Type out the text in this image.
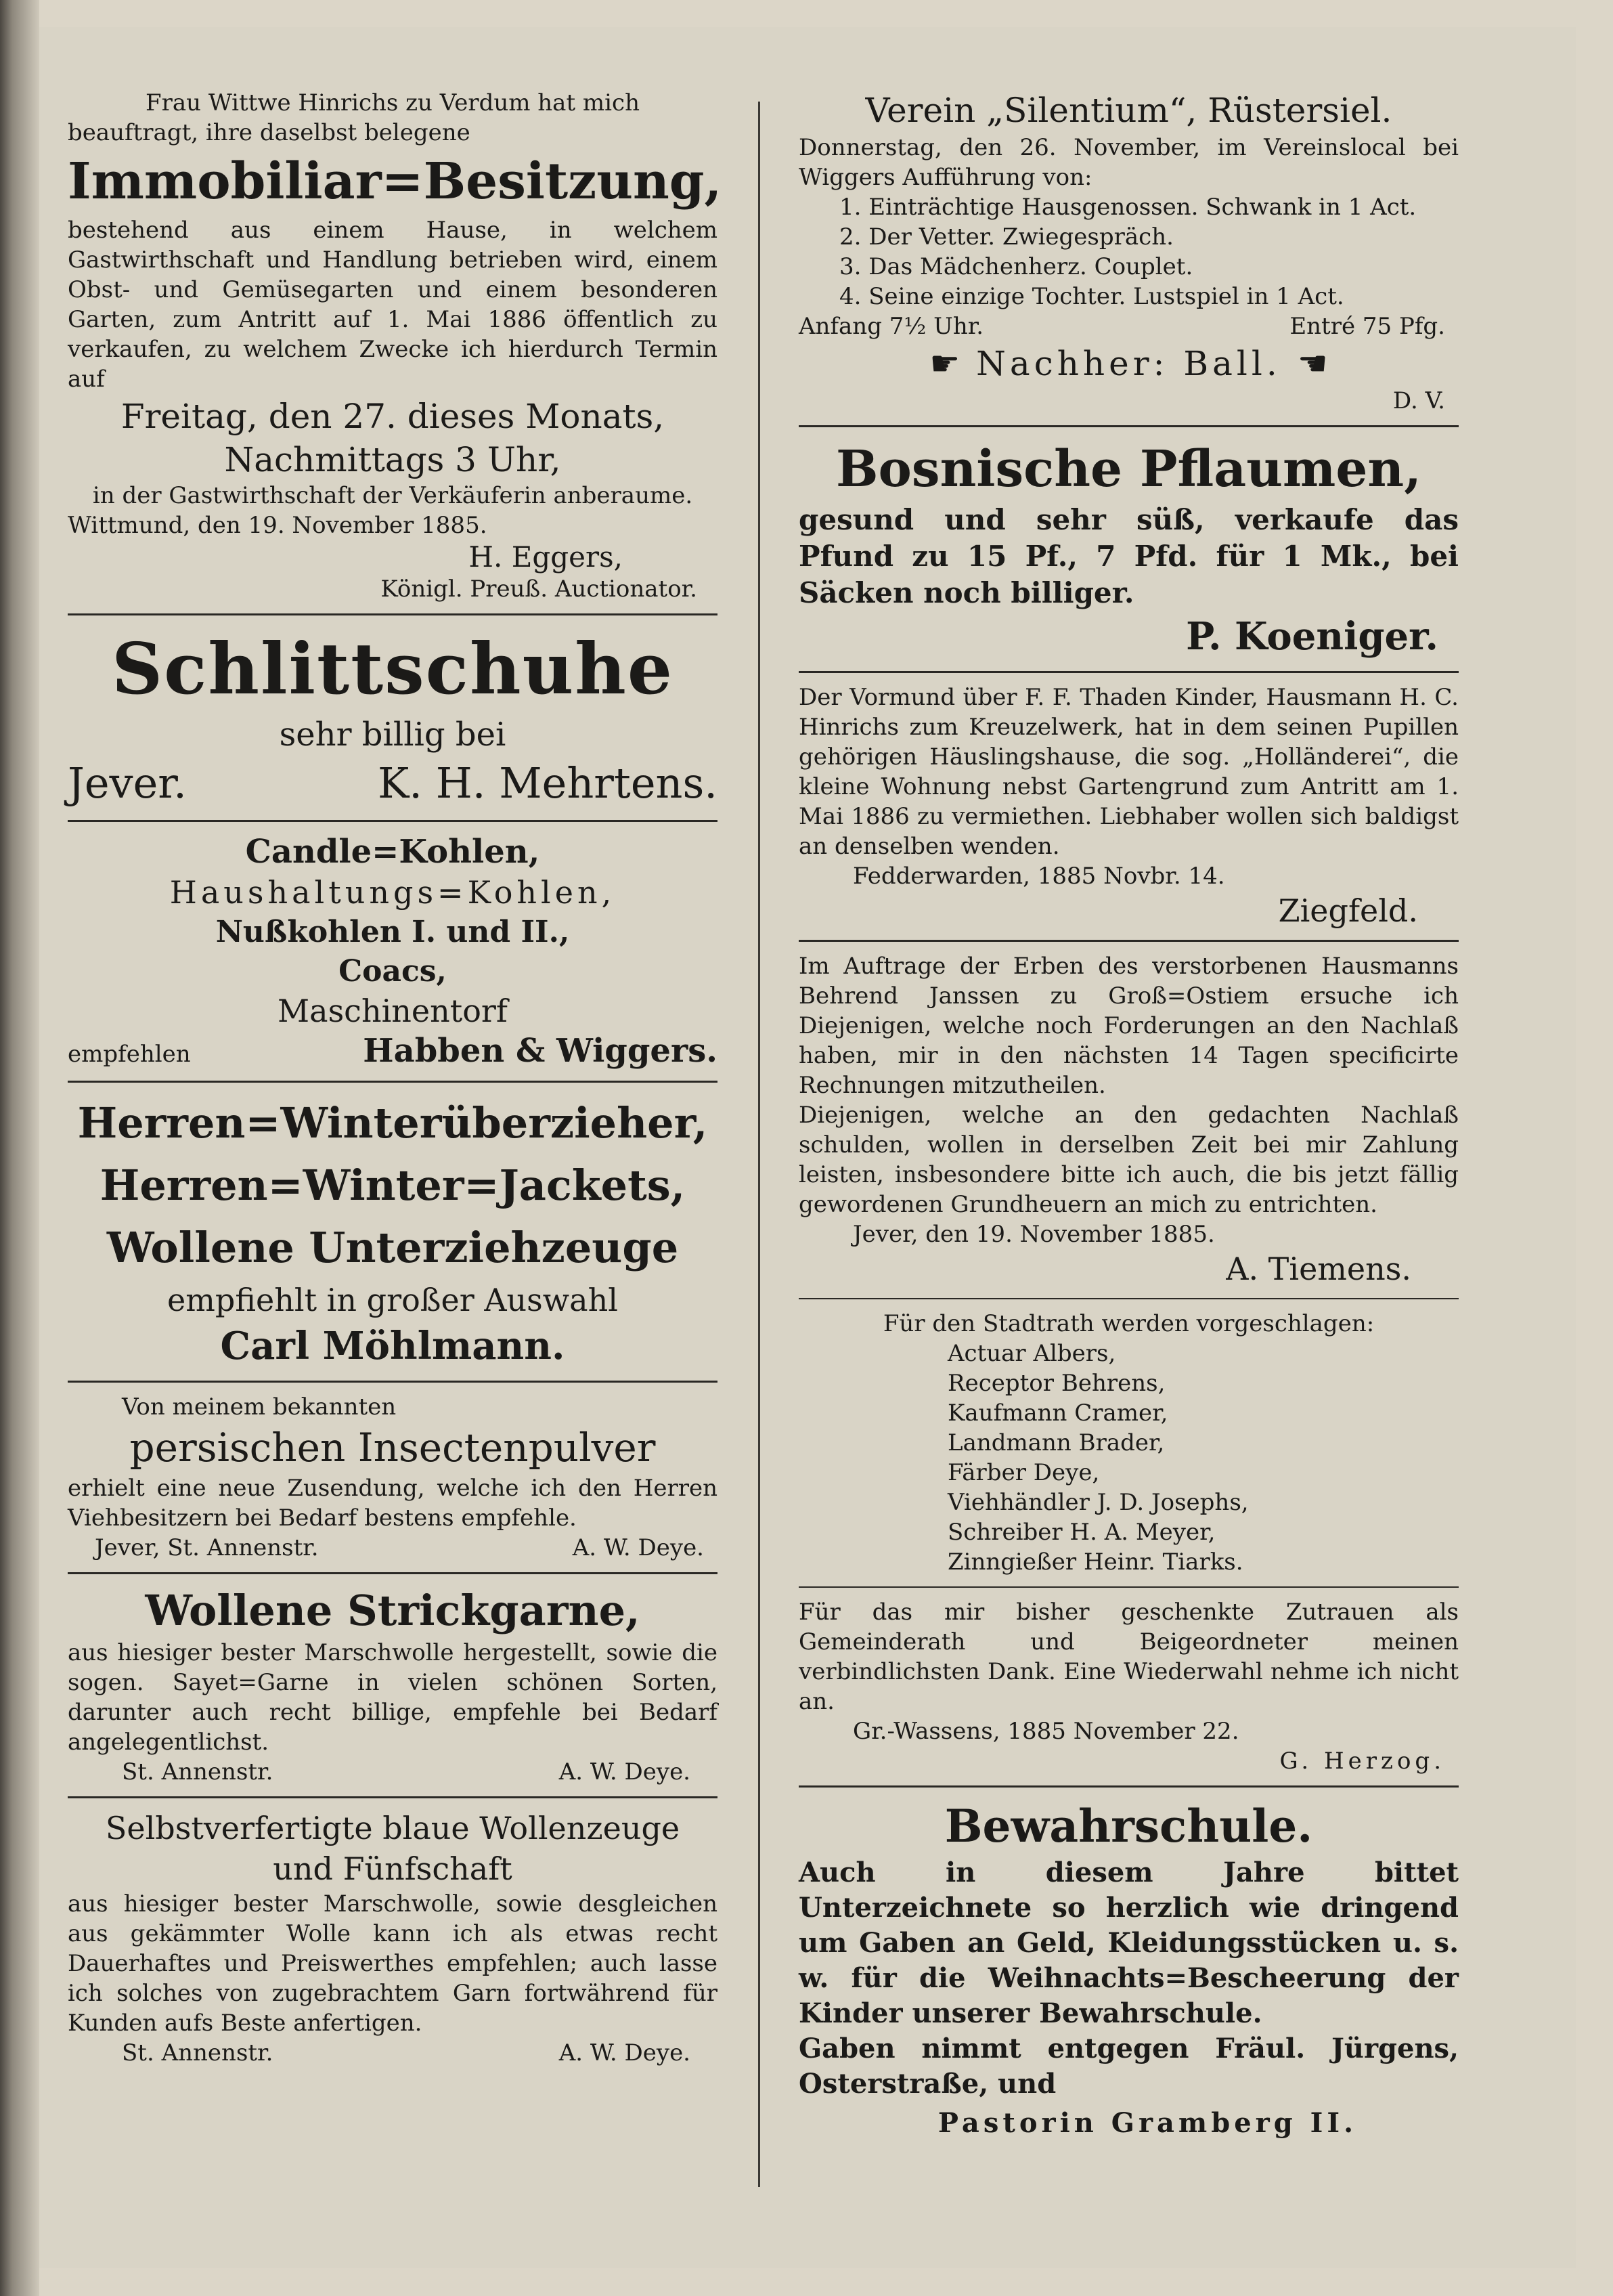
Frau Wittwe Hinrichs zu Verdum hat mich

beauftragt, ihre daselbst belegene

Immobiliar=Besitzung,

bestehend aus einem Hause, in welchem Gastwirthschaft und Handlung betrieben wird, einem Obst- und Gemüsegarten und einem besonderen Garten, zum Antritt auf 1. Mai 1886 öffentlich zu verkaufen, zu welchem Zwecke ich hierdurch Termin auf

Freitag, den 27. dieses Monats,

Nachmittags 3 Uhr,

in der Gastwirthschaft der Verkäuferin anberaume.

Wittmund, den 19. November 1885.

H. Eggers,

Königl. Preuß. Auctionator.

Schlittschuhe

sehr billig bei

Jever.	K. H. Mehrtens.

Candle=Kohlen,

Haushaltungs=Kohlen,

Nußkohlen I. und II.,

Coacs,

Maschinentorf

empfehlen	Habben & Wiggers.

Herren=Winterüberzieher,

Herren=Winter=Jackets,

Wollene Unterziehzeuge

empfiehlt in großer Auswahl

Carl Möhlmann.

Von meinem bekannten

persischen Insectenpulver

erhielt eine neue Zusendung, welche ich den Herren Viehbesitzern bei Bedarf bestens empfehle.

Jever, St. Annenstr.	A. W. Deye.

Wollene Strickgarne,

aus hiesiger bester Marschwolle hergestellt, sowie die sogen. Sayet=Garne in vielen schönen Sorten, darunter auch recht billige, empfehle bei Bedarf angelegentlichst.

St. Annenstr.	A. W. Deye.

Selbstverfertigte blaue Wollenzeuge

und Fünfschaft

aus hiesiger bester Marschwolle, sowie desgleichen aus gekämmter Wolle kann ich als etwas recht Dauerhaftes und Preiswerthes empfehlen; auch lasse ich solches von zugebrachtem Garn fortwährend für Kunden aufs Beste anfertigen.

St. Annenstr.	A. W. Deye.

Verein „Silentium“, Rüstersiel.

Donnerstag, den 26. November, im Vereinslocal bei Wiggers Aufführung von:

1. Einträchtige Hausgenossen. Schwank in 1 Act.

2. Der Vetter. Zwiegespräch.

3. Das Mädchenherz. Couplet.

4. Seine einzige Tochter. Lustspiel in 1 Act.

Anfang 7½ Uhr.	Entré 75 Pfg.

☛ Nachher: Ball. ☚

D. V.

Bosnische Pflaumen,

gesund und sehr süß, verkaufe das Pfund zu 15 Pf., 7 Pfd. für 1 Mk., bei Säcken noch billiger.

P. Koeniger.

Der Vormund über F. F. Thaden Kinder, Hausmann H. C. Hinrichs zum Kreuzelwerk, hat in dem seinen Pupillen gehörigen Häuslingshause, die sog. „Holländerei“, die kleine Wohnung nebst Gartengrund zum Antritt am 1. Mai 1886 zu vermiethen. Liebhaber wollen sich baldigst an denselben wenden.

Fedderwarden, 1885 Novbr. 14.

Ziegfeld.

Im Auftrage der Erben des verstorbenen Hausmanns Behrend Janssen zu Groß=Ostiem ersuche ich Diejenigen, welche noch Forderungen an den Nachlaß haben, mir in den nächsten 14 Tagen specificirte Rechnungen mitzutheilen.

Diejenigen, welche an den gedachten Nachlaß schulden, wollen in derselben Zeit bei mir Zahlung leisten, insbesondere bitte ich auch, die bis jetzt fällig gewordenen Grundheuern an mich zu entrichten.

Jever, den 19. November 1885.

A. Tiemens.

Für den Stadtrath werden vorgeschlagen:

Actuar Albers,

Receptor Behrens,

Kaufmann Cramer,

Landmann Brader,

Färber Deye,

Viehhändler J. D. Josephs,

Schreiber H. A. Meyer,

Zinngießer Heinr. Tiarks.

Für das mir bisher geschenkte Zutrauen als Gemeinderath und Beigeordneter meinen verbindlichsten Dank. Eine Wiederwahl nehme ich nicht an.

Gr.-Wassens, 1885 November 22.

G. Herzog.

Bewahrschule.

Auch in diesem Jahre bittet Unterzeichnete so herzlich wie dringend um Gaben an Geld, Kleidungsstücken u. s. w. für die Weihnachts=Bescheerung der Kinder unserer Bewahrschule.

Gaben nimmt entgegen Fräul. Jürgens, Osterstraße, und

Pastorin Gramberg II.
